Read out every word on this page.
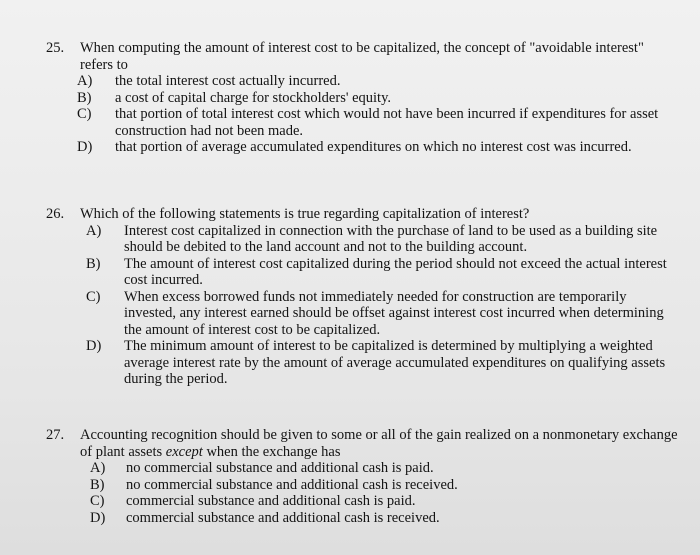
25. When computing the amount of interest cost to be capitalized, the concept of "avoidable interest" refers to
A) the total interest cost actually incurred.
B) a cost of capital charge for stockholders' equity.
C) that portion of total interest cost which would not have been incurred if expenditures for asset construction had not been made.
D) that portion of average accumulated expenditures on which no interest cost was incurred.
26. Which of the following statements is true regarding capitalization of interest?
A) Interest cost capitalized in connection with the purchase of land to be used as a building site should be debited to the land account and not to the building account.
B) The amount of interest cost capitalized during the period should not exceed the actual interest cost incurred.
C) When excess borrowed funds not immediately needed for construction are temporarily invested, any interest earned should be offset against interest cost incurred when determining the amount of interest cost to be capitalized.
D) The minimum amount of interest to be capitalized is determined by multiplying a weighted average interest rate by the amount of average accumulated expenditures on qualifying assets during the period.
27. Accounting recognition should be given to some or all of the gain realized on a nonmonetary exchange of plant assets except when the exchange has
A) no commercial substance and additional cash is paid.
B) no commercial substance and additional cash is received.
C) commercial substance and additional cash is paid.
D) commercial substance and additional cash is received.
